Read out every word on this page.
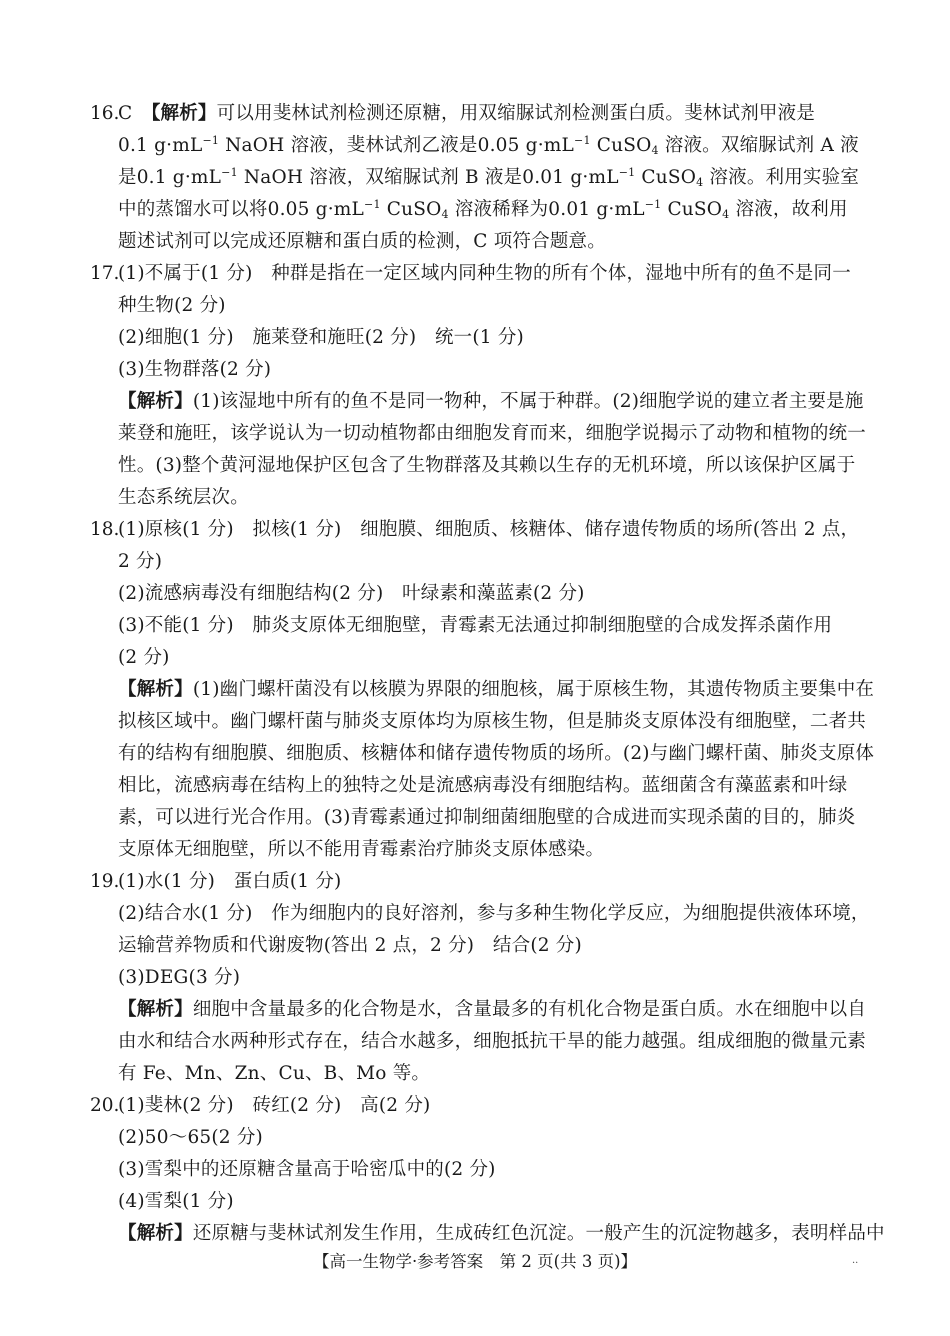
16.
C　 【解析】可以用斐林试剂检测还原糖，用双缩脲试剂检测蛋白质。斐林试剂甲液是
0.1 $g\cdot mL^{-1}$ NaOH 溶液，斐林试剂乙液是0.05 $g\cdot mL^{-1}$ CuSO$_4$ 溶液。双缩脲试剂 A 液
是0.1 $g\cdot mL^{-1}$ NaOH 溶液，双缩脲试剂 B 液是0.01 $g\cdot mL^{-1}$ CuSO$_4$ 溶液。利用实验室
中的蒸馏水可以将0.05 $g\cdot mL^{-1}$ CuSO$_4$ 溶液稀释为0.01 $g\cdot mL^{-1}$ CuSO$_4$ 溶液，故利用
题述试剂可以完成还原糖和蛋白质的检测，C 项符合题意。
17.
(1)不属于(1 分)　种群是指在一定区域内同种生物的所有个体，湿地中所有的鱼不是同一
种生物(2 分)
(2)细胞(1 分)　施莱登和施旺(2 分)　统一(1 分)
(3)生物群落(2 分)
【解析】(1)该湿地中所有的鱼不是同一物种，不属于种群。(2)细胞学说的建立者主要是施
莱登和施旺，该学说认为一切动植物都由细胞发育而来，细胞学说揭示了动物和植物的统一
性。(3)整个黄河湿地保护区包含了生物群落及其赖以生存的无机环境，所以该保护区属于
生态系统层次。
18.
(1)原核(1 分)　拟核(1 分)　细胞膜、细胞质、核糖体、储存遗传物质的场所(答出 2 点，
2 分)
(2)流感病毒没有细胞结构(2 分)　叶绿素和藻蓝素(2 分)
(3)不能(1 分)　肺炎支原体无细胞壁，青霉素无法通过抑制细胞壁的合成发挥杀菌作用
(2 分)
【解析】(1)幽门螺杆菌没有以核膜为界限的细胞核，属于原核生物，其遗传物质主要集中在
拟核区域中。幽门螺杆菌与肺炎支原体均为原核生物，但是肺炎支原体没有细胞壁，二者共
有的结构有细胞膜、细胞质、核糖体和储存遗传物质的场所。(2)与幽门螺杆菌、肺炎支原体
相比，流感病毒在结构上的独特之处是流感病毒没有细胞结构。蓝细菌含有藻蓝素和叶绿
素，可以进行光合作用。(3)青霉素通过抑制细菌细胞壁的合成进而实现杀菌的目的，肺炎
支原体无细胞壁，所以不能用青霉素治疗肺炎支原体感染。
19.
(1)水(1 分)　蛋白质(1 分)
(2)结合水(1 分)　作为细胞内的良好溶剂，参与多种生物化学反应，为细胞提供液体环境，
运输营养物质和代谢废物(答出 2 点，2 分)　结合(2 分)
(3)DEG(3 分)
【解析】细胞中含量最多的化合物是水，含量最多的有机化合物是蛋白质。水在细胞中以自
由水和结合水两种形式存在，结合水越多，细胞抵抗干旱的能力越强。组成细胞的微量元素
有 Fe、Mn、Zn、Cu、B、Mo 等。
20.
(1)斐林(2 分)　砖红(2 分)　高(2 分)
(2)50～65(2 分)
(3)雪梨中的还原糖含量高于哈密瓜中的(2 分)
(4)雪梨(1 分)
【解析】还原糖与斐林试剂发生作用，生成砖红色沉淀。一般产生的沉淀物越多，表明样品中
【高一生物学·参考答案　第 2 页(共 3 页)】	··
